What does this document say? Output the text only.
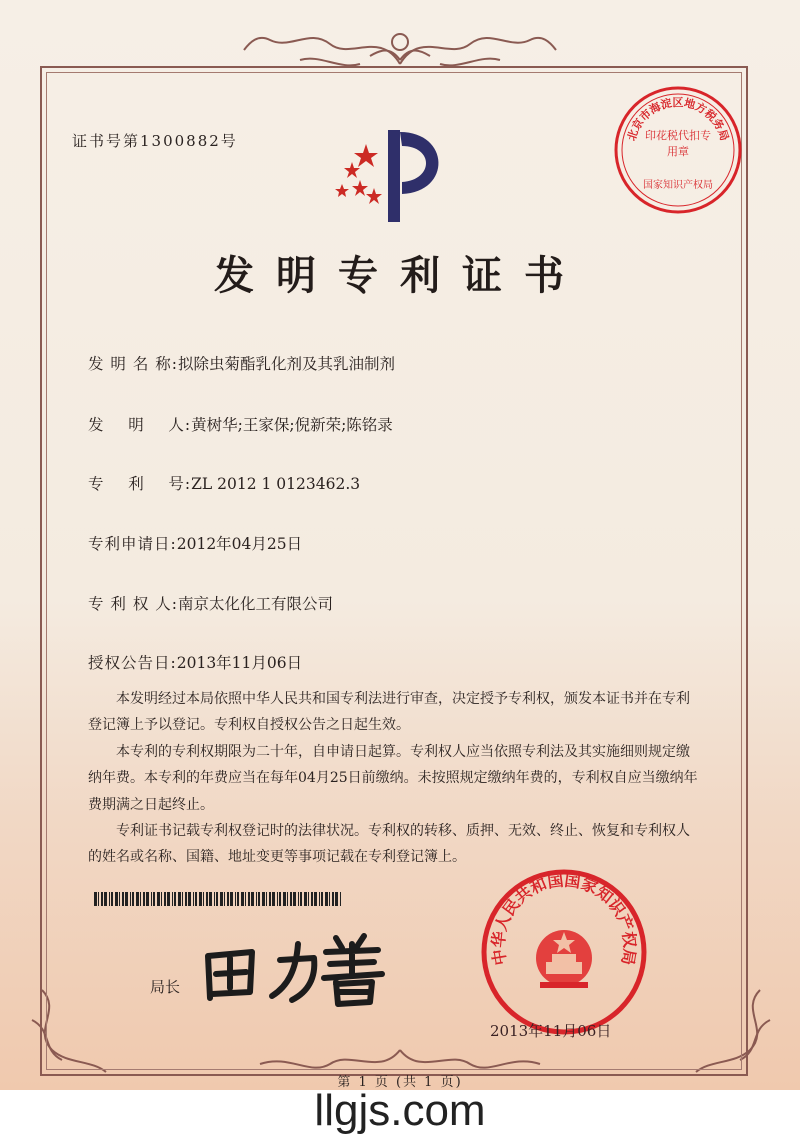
证书号第1300882号	北京市海淀区地方税务局
印花税代扣专用章
国家知识产权局
发明专利证书
发 明 名 称:拟除虫菊酯乳化剂及其乳油制剂
发    明    人:黄树华;王家保;倪新荣;陈铭录
专    利    号:ZL 2012 1 0123462.3
专利申请日:2012年04月25日
专 利 权 人:南京太化化工有限公司
授权公告日:2013年11月06日

本发明经过本局依照中华人民共和国专利法进行审查，决定授予专利权，颁发本证书并在专利登记簿上予以登记。专利权自授权公告之日起生效。

本专利的专利权期限为二十年，自申请日起算。专利权人应当依照专利法及其实施细则规定缴纳年费。本专利的年费应当在每年04月25日前缴纳。未按照规定缴纳年费的，专利权自应当缴纳年费期满之日起终止。

专利证书记载专利权登记时的法律状况。专利权的转移、质押、无效、终止、恢复和专利权人的姓名或名称、国籍、地址变更等事项记载在专利登记簿上。

局长
中华人民共和国国家知识产权局
2013年11月06日
第 1 页 (共 1 页)
llgjs.com
